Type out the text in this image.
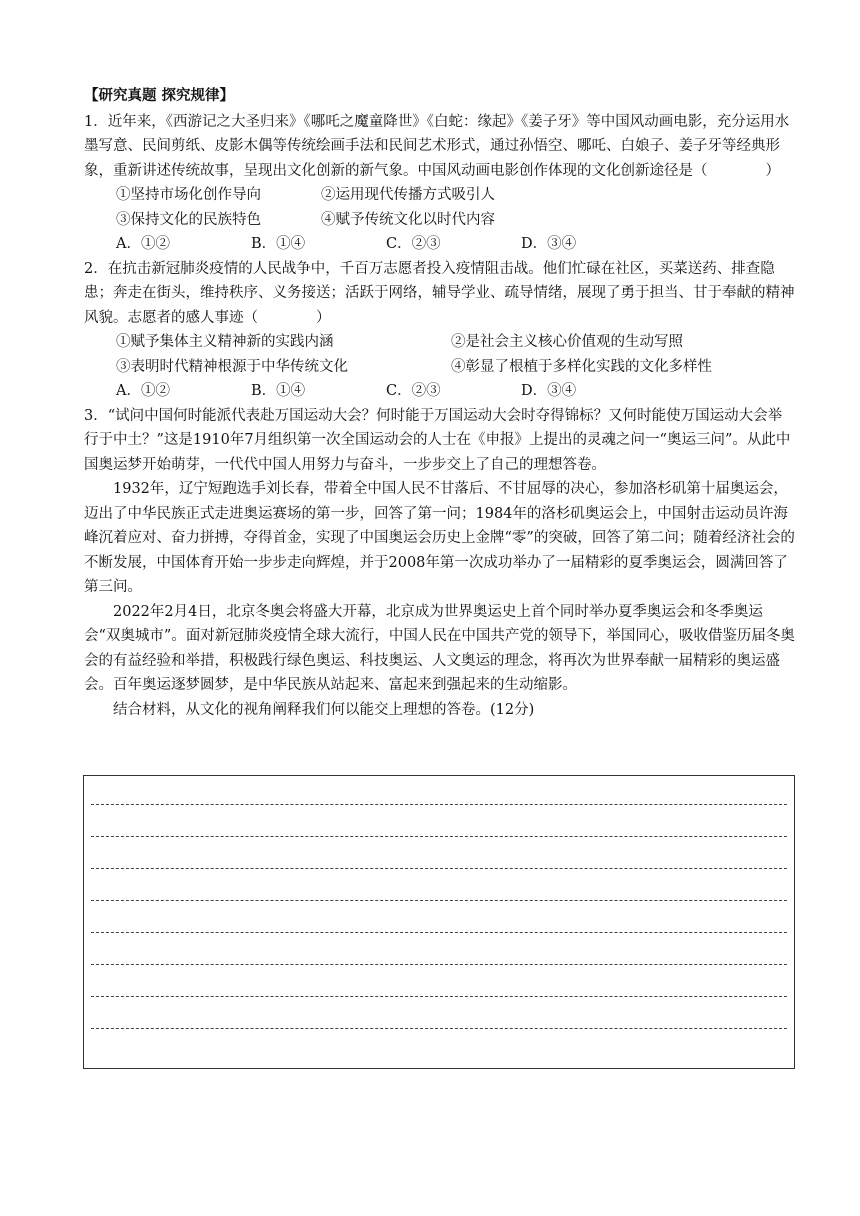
【研究真题 探究规律】

1．近年来，《西游记之大圣归来》《哪吒之魔童降世》《白蛇：缘起》《姜子牙》等中国风动画电影，充分运用水墨写意、民间剪纸、皮影木偶等传统绘画手法和民间艺术形式，通过孙悟空、哪吒、白娘子、姜子牙等经典形象，重新讲述传统故事，呈现出文化创新的新气象。中国风动画电影创作体现的文化创新途径是（　　　　）

①坚持市场化创作导向	②运用现代传播方式吸引人
③保持文化的民族特色	④赋予传统文化以时代内容
A．①②	B．①④	C．②③	D．③④

2．在抗击新冠肺炎疫情的人民战争中，千百万志愿者投入疫情阻击战。他们忙碌在社区，买菜送药、排查隐患；奔走在街头，维持秩序、义务接送；活跃于网络，辅导学业、疏导情绪，展现了勇于担当、甘于奉献的精神风貌。志愿者的感人事迹（　　　　）

①赋予集体主义精神新的实践内涵	②是社会主义核心价值观的生动写照
③表明时代精神根源于中华传统文化	④彰显了根植于多样化实践的文化多样性
A．①②	B．①④	C．②③	D．③④

3．“试问中国何时能派代表赴万国运动大会？何时能于万国运动大会时夺得锦标？又何时能使万国运动大会举行于中土？”这是1910年7月组织第一次全国运动会的人士在《申报》上提出的灵魂之问一“奥运三问”。从此中国奥运梦开始萌芽，一代代中国人用努力与奋斗，一步步交上了自己的理想答卷。

1932年，辽宁短跑选手刘长春，带着全中国人民不甘落后、不甘屈辱的决心，参加洛杉矶第十届奥运会，迈出了中华民族正式走进奥运赛场的第一步，回答了第一问；1984年的洛杉矶奥运会上，中国射击运动员许海峰沉着应对、奋力拼搏，夺得首金，实现了中国奥运会历史上金牌“零”的突破，回答了第二问；随着经济社会的不断发展，中国体育开始一步步走向辉煌，并于2008年第一次成功举办了一届精彩的夏季奥运会，圆满回答了第三问。

2022年2月4日，北京冬奥会将盛大开幕，北京成为世界奥运史上首个同时举办夏季奥运会和冬季奥运会“双奥城市”。面对新冠肺炎疫情全球大流行，中国人民在中国共产党的领导下，举国同心，吸收借鉴历届冬奥会的有益经验和举措，积极践行绿色奥运、科技奥运、人文奥运的理念，将再次为世界奉献一届精彩的奥运盛会。百年奥运逐梦圆梦，是中华民族从站起来、富起来到强起来的生动缩影。

结合材料，从文化的视角阐释我们何以能交上理想的答卷。(12分)
